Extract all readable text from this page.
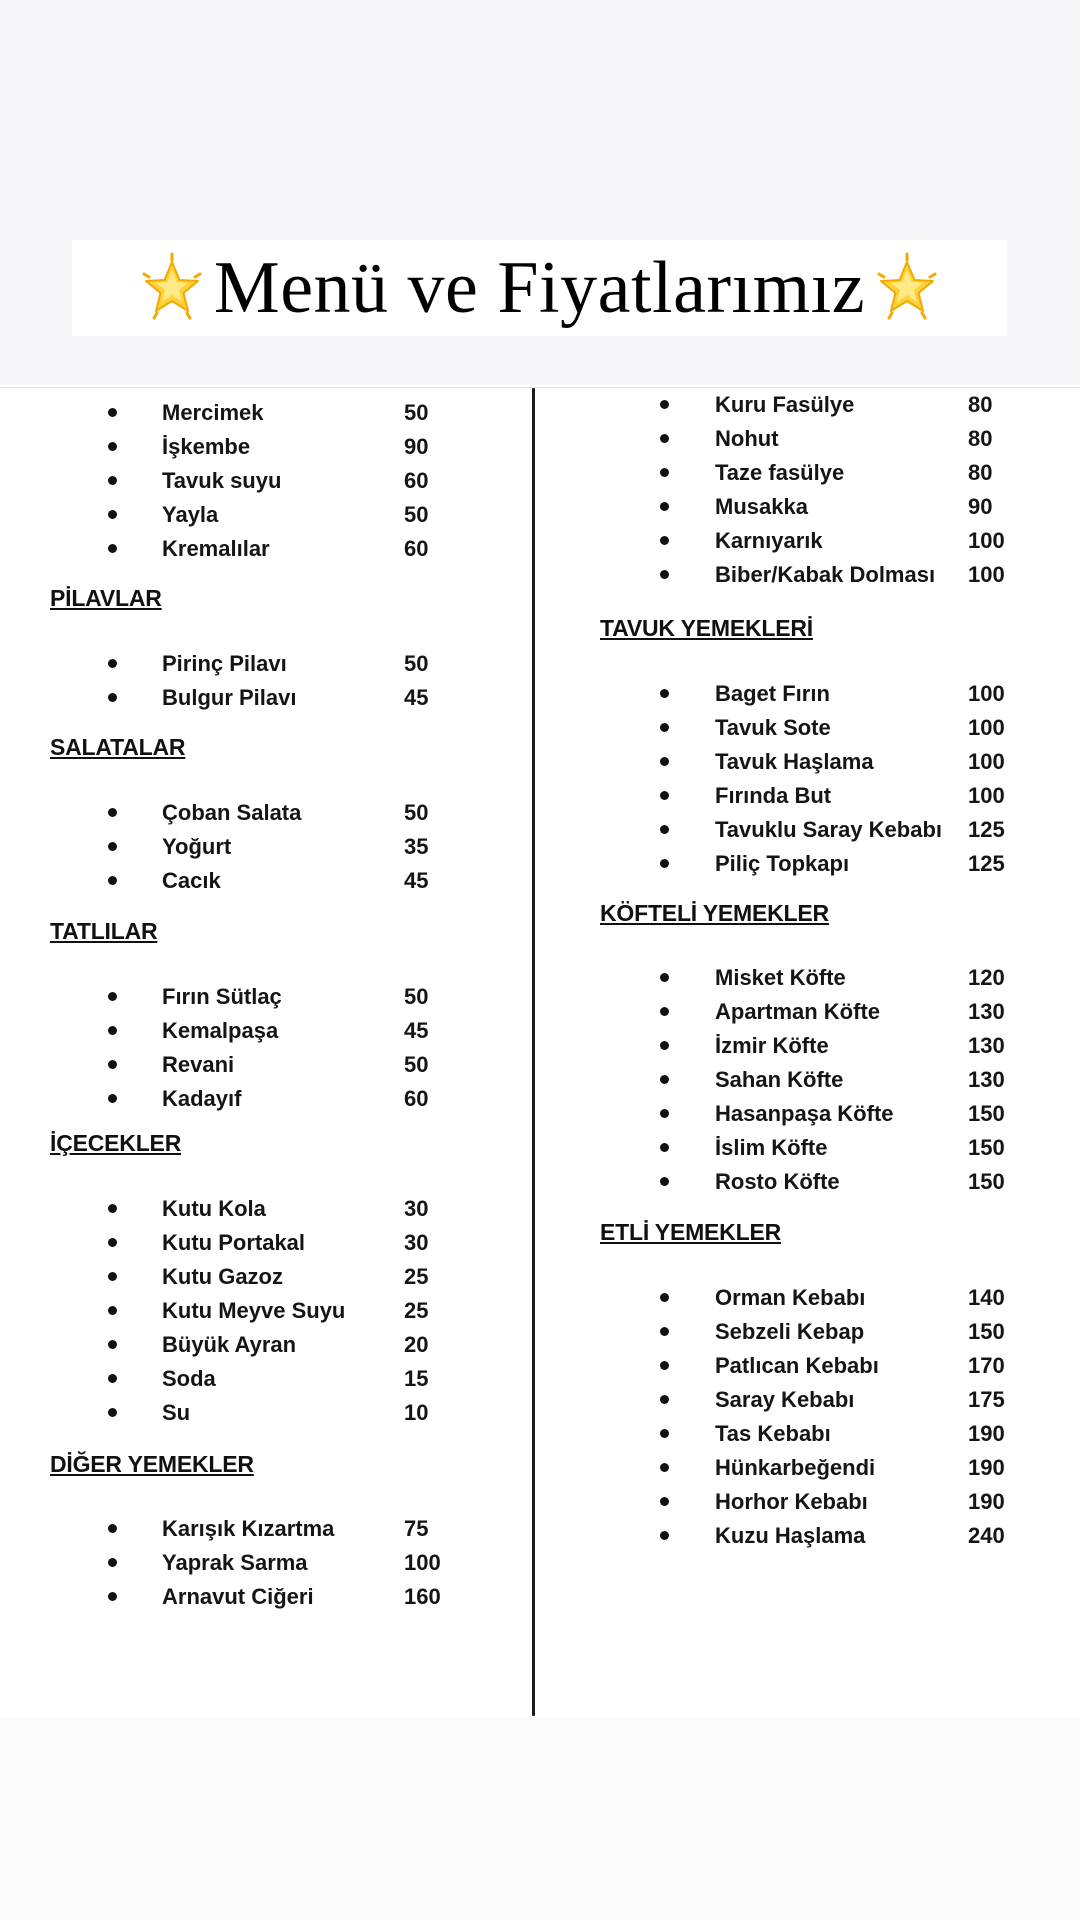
Menü ve Fiyatlarımız
Mercimek	50
İşkembe	90
Tavuk suyu	60
Yayla	50
Kremalılar	60
PİLAVLAR
Pirinç Pilavı	50
Bulgur Pilavı	45
SALATALAR
Çoban Salata	50
Yoğurt	35
Cacık	45
TATLILAR
Fırın Sütlaç	50
Kemalpaşa	45
Revani	50
Kadayıf	60
İÇECEKLER
Kutu Kola	30
Kutu Portakal	30
Kutu Gazoz	25
Kutu Meyve Suyu	25
Büyük Ayran	20
Soda	15
Su	10
DİĞER YEMEKLER
Karışık Kızartma	75
Yaprak Sarma	100
Arnavut Ciğeri	160
Kuru Fasülye	80
Nohut	80
Taze fasülye	80
Musakka	90
Karnıyarık	100
Biber/Kabak Dolması 100
TAVUK YEMEKLERİ
Baget Fırın	100
Tavuk Sote	100
Tavuk Haşlama	100
Fırında But	100
Tavuklu Saray Kebabı 125
Piliç Topkapı	125
KÖFTELİ YEMEKLER
Misket Köfte	120
Apartman Köfte	130
İzmir Köfte	130
Sahan Köfte	130
Hasanpaşa Köfte	150
İslim Köfte	150
Rosto Köfte	150
ETLİ YEMEKLER
Orman Kebabı	140
Sebzeli Kebap	150
Patlıcan Kebabı	170
Saray Kebabı	175
Tas Kebabı	190
Hünkarbeğendi	190
Horhor Kebabı	190
Kuzu Haşlama	240
